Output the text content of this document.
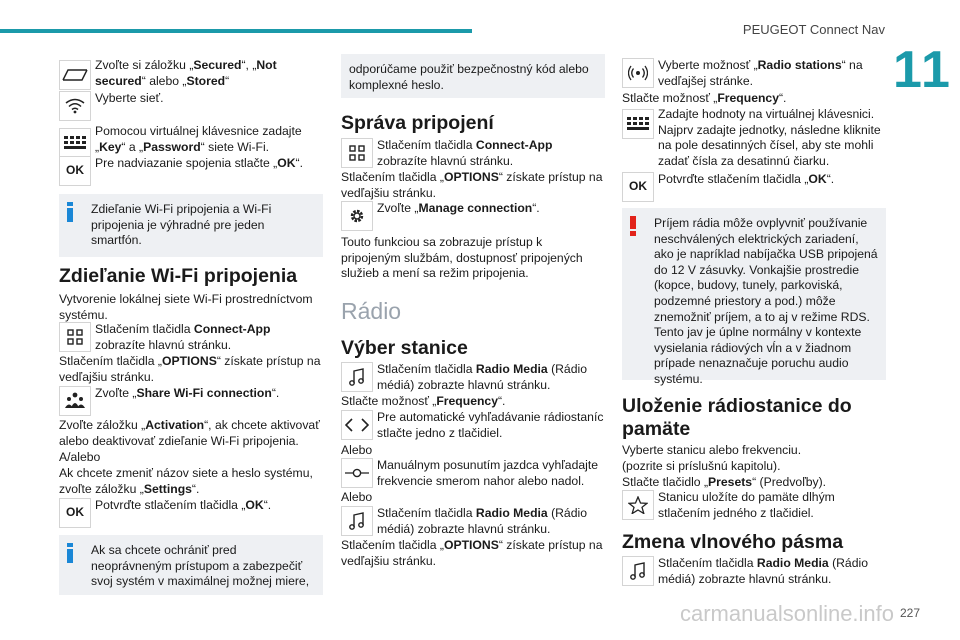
PEUGEOT Connect Nav
11
Zvoľte si záložku „Secured“, „Not secured“ alebo „Stored“
Vyberte sieť.
Pomocou virtuálnej klávesnice zadajte „Key“ a „Password“ siete Wi-Fi.
OK
Pre nadviazanie spojenia stlačte „OK“.
Zdieľanie Wi-Fi pripojenia a Wi-Fi pripojenia je výhradné pre jeden smartfón.
Zdieľanie Wi-Fi pripojenia
Vytvorenie lokálnej siete Wi-Fi prostredníctvom systému.
Stlačením tlačidla Connect-App zobrazíte hlavnú stránku.
Stlačením tlačidla „OPTIONS“ získate prístup na vedľajšiu stránku.
Zvoľte „Share Wi-Fi connection“.
Zvoľte záložku „Activation“, ak chcete aktivovať alebo deaktivovať zdieľanie Wi-Fi pripojenia.
A/alebo
Ak chcete zmeniť názov siete a heslo systému, zvoľte záložku „Settings“.
OK
Potvrďte stlačením tlačidla „OK“.
Ak sa chcete ochrániť pred neoprávneným prístupom a zabezpečiť svoj systém v maximálnej možnej miere,
odporúčame použiť bezpečnostný kód alebo komplexné heslo.
Správa pripojení
Stlačením tlačidla Connect-App zobrazíte hlavnú stránku.
Stlačením tlačidla „OPTIONS“ získate prístup na vedľajšiu stránku.
Zvoľte „Manage connection“.
Touto funkciou sa zobrazuje prístup k pripojeným službám, dostupnosť pripojených služieb a mení sa režim pripojenia.
Rádio
Výber stanice
Stlačením tlačidla Radio Media (Rádio médiá) zobrazte hlavnú stránku.
Stlačte možnosť „Frequency“.
Pre automatické vyhľadávanie rádiostaníc stlačte jedno z tlačidiel.
Alebo
Manuálnym posunutím jazdca vyhľadajte frekvencie smerom nahor alebo nadol.
Alebo
Stlačením tlačidla Radio Media (Rádio médiá) zobrazte hlavnú stránku.
Stlačením tlačidla „OPTIONS“ získate prístup na vedľajšiu stránku.
Vyberte možnosť „Radio stations“ na vedľajšej stránke.
Stlačte možnosť „Frequency“.
Zadajte hodnoty na virtuálnej klávesnici. Najprv zadajte jednotky, následne kliknite na pole desatinných čísel, aby ste mohli zadať čísla za desatinnú čiarku.
OK
Potvrďte stlačením tlačidla „OK“.
Príjem rádia môže ovplyvniť používanie neschválených elektrických zariadení, ako je napríklad nabíjačka USB pripojená do 12 V zásuvky. Vonkajšie prostredie (kopce, budovy, tunely, parkoviská, podzemné priestory a pod.) môže znemožniť príjem, a to aj v režime RDS. Tento jav je úplne normálny v kontexte vysielania rádiových vĺn a v žiadnom prípade nenaznačuje poruchu audio systému.
Uloženie rádiostanice do pamäte
Vyberte stanicu alebo frekvenciu.
(pozrite si príslušnú kapitolu).
Stlačte tlačidlo „Presets“ (Predvoľby).
Stanicu uložíte do pamäte dlhým stlačením jedného z tlačidiel.
Zmena vlnového pásma
Stlačením tlačidla Radio Media (Rádio médiá) zobrazte hlavnú stránku.
carmanualsonline.info 227
